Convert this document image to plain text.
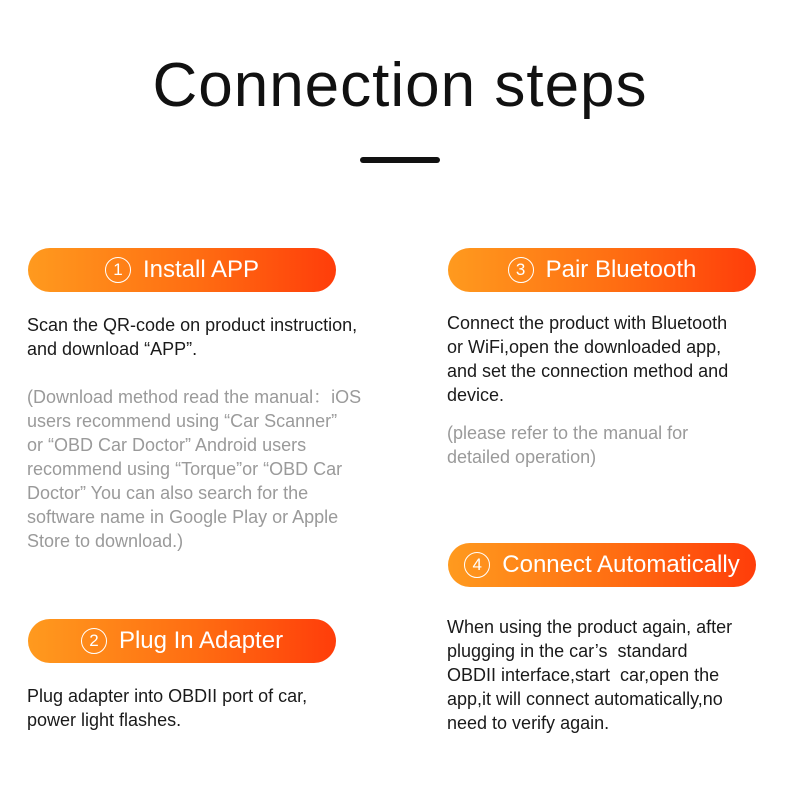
Connection steps
1 Install APP
Scan the QR-code on product instruction,
and download “APP”.
(Download method read the manual：iOS
users recommend using “Car Scanner”
or “OBD Car Doctor” Android users
recommend using “Torque”or “OBD Car
Doctor” You can also search for the
software name in Google Play or Apple
Store to download.)
2 Plug In Adapter
Plug adapter into OBDII port of car,
power light flashes.
3 Pair Bluetooth
Connect the product with Bluetooth
or WiFi,open the downloaded app,
and set the connection method and
device.
(please refer to the manual for
detailed operation)
4 Connect Automatically
When using the product again, after
plugging in the car’s  standard
OBDII interface,start  car,open the
app,it will connect automatically,no
need to verify again.
